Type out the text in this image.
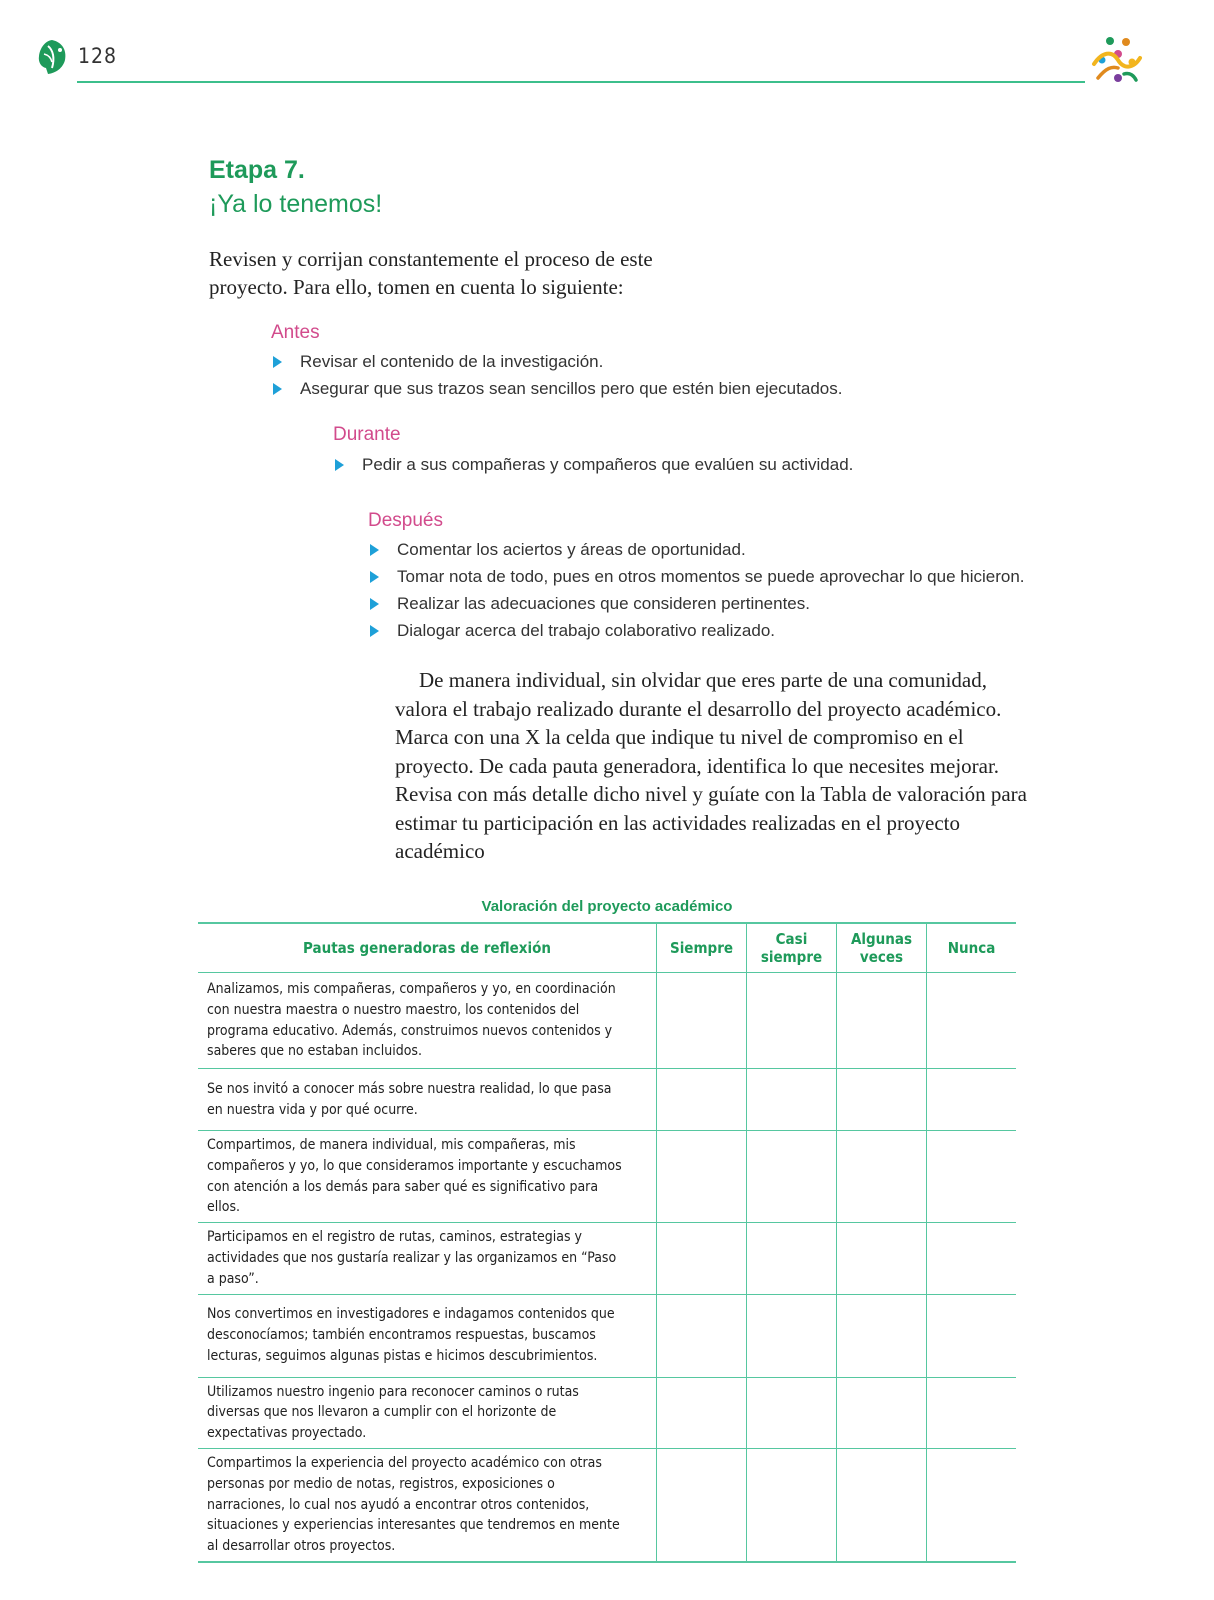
128
Etapa 7.
¡Ya lo tenemos!
Revisen y corrijan constantemente el proceso de este proyecto. Para ello, tomen en cuenta lo siguiente:
Antes
Revisar el contenido de la investigación.
Asegurar que sus trazos sean sencillos pero que estén bien ejecutados.
Durante
Pedir a sus compañeras y compañeros que evalúen su actividad.
Después
Comentar los aciertos y áreas de oportunidad.
Tomar nota de todo, pues en otros momentos se puede aprovechar lo que hicieron.
Realizar las adecuaciones que consideren pertinentes.
Dialogar acerca del trabajo colaborativo realizado.

De manera individual, sin olvidar que eres parte de una comunidad, valora el trabajo realizado durante el desarrollo del proyecto académico. Marca con una X la celda que indique tu nivel de compromiso en el proyecto. De cada pauta generadora, identifica lo que necesites mejorar. Revisa con más detalle dicho nivel y guíate con la Tabla de valoración para estimar tu participación en las actividades realizadas en el proyecto académico

Valoración del proyecto académico
Pautas generadoras de reflexión	Siempre	Casi siempre	Algunas veces	Nunca
Analizamos, mis compañeras, compañeros y yo, en coordinación con nuestra maestra o nuestro maestro, los contenidos del programa educativo. Además, construimos nuevos contenidos y saberes que no estaban incluidos.				
Se nos invitó a conocer más sobre nuestra realidad, lo que pasa en nuestra vida y por qué ocurre.				
Compartimos, de manera individual, mis compañeras, mis compañeros y yo, lo que consideramos importante y escuchamos con atención a los demás para saber qué es significativo para ellos.				
Participamos en el registro de rutas, caminos, estrategias y actividades que nos gustaría realizar y las organizamos en “Paso a paso”.				
Nos convertimos en investigadores e indagamos contenidos que desconocíamos; también encontramos respuestas, buscamos lecturas, seguimos algunas pistas e hicimos descubrimientos.				
Utilizamos nuestro ingenio para reconocer caminos o rutas diversas que nos llevaron a cumplir con el horizonte de expectativas proyectado.				
Compartimos la experiencia del proyecto académico con otras personas por medio de notas, registros, exposiciones o narraciones, lo cual nos ayudó a encontrar otros contenidos, situaciones y experiencias interesantes que tendremos en mente al desarrollar otros proyectos.				
